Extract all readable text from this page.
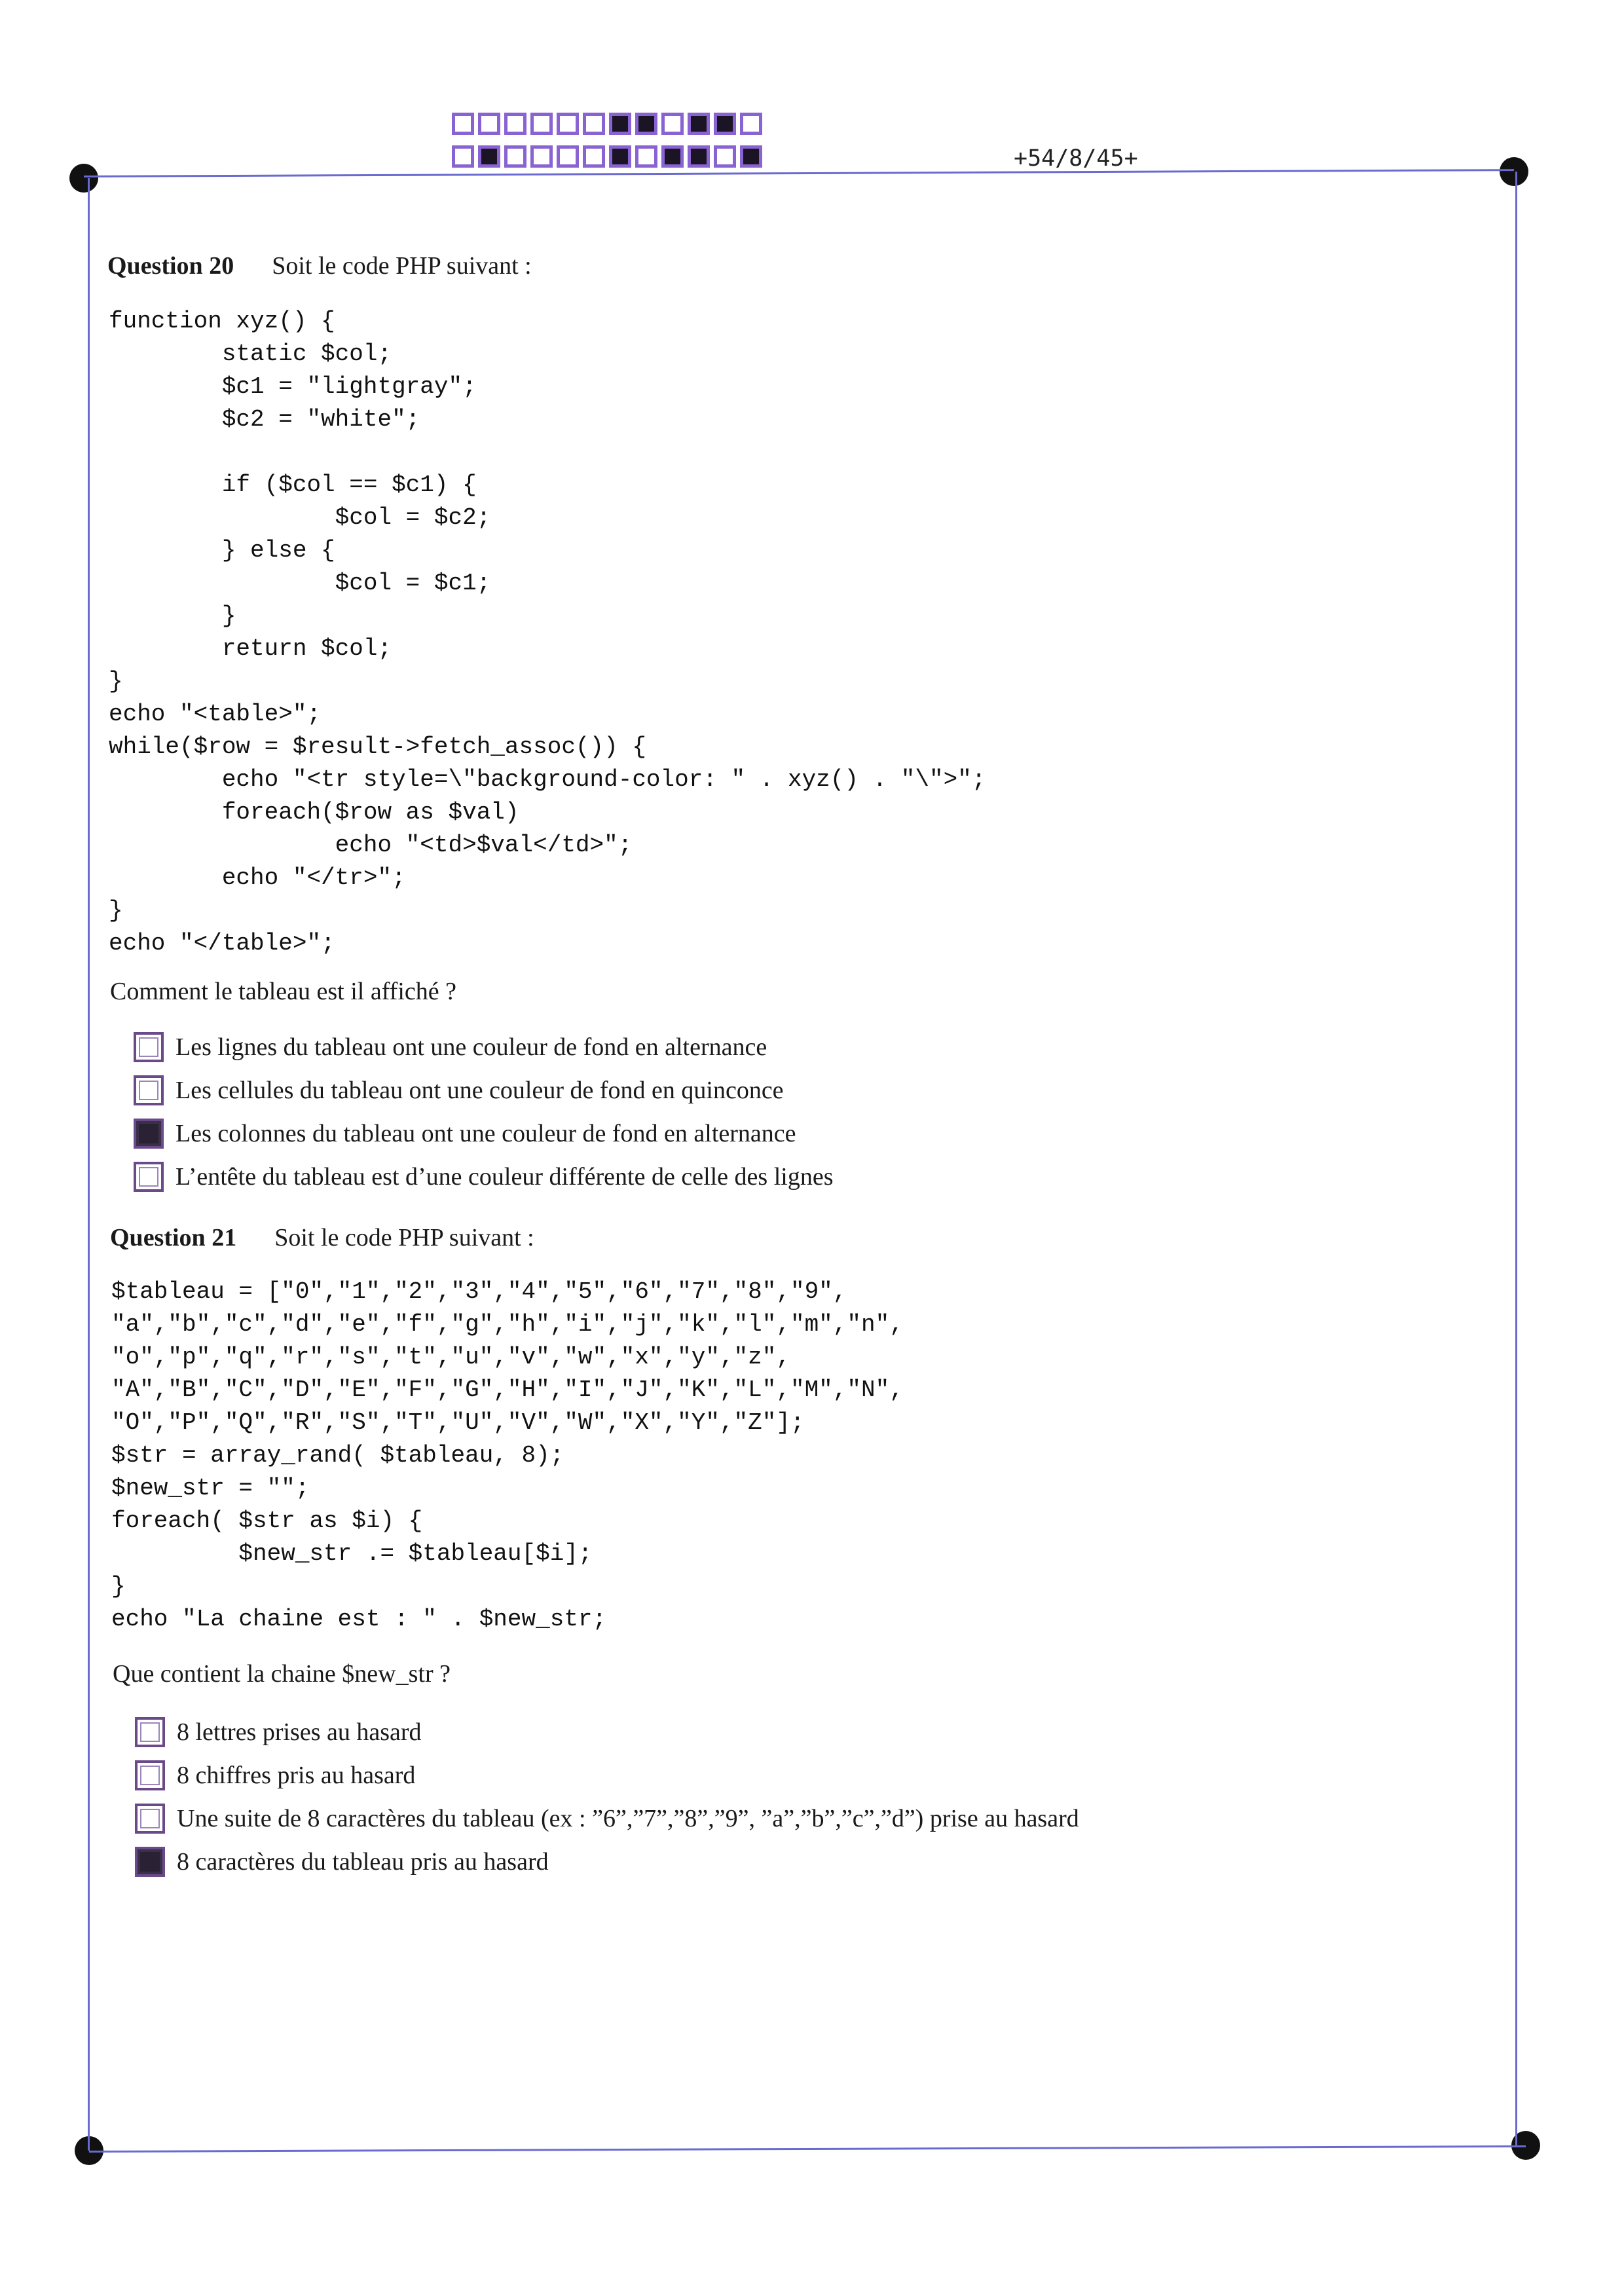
+54/8/45+
Question 20 Soit le code PHP suivant :
function xyz() {
static $col;
$c1 = "lightgray";
$c2 = "white";

if ($col == $c1) {
$col = $c2;
} else {
$col = $c1;
}
return $col;
}
echo "<table>";
while($row = $result->fetch_assoc()) {
echo "<tr style=\"background-color: " . xyz() . "\">";
foreach($row as $val)
echo "<td>$val</td>";
echo "</tr>";
}
echo "</table>";
Comment le tableau est il affiché ?
Les lignes du tableau ont une couleur de fond en alternance
Les cellules du tableau ont une couleur de fond en quinconce
Les colonnes du tableau ont une couleur de fond en alternance
L’entête du tableau est d’une couleur différente de celle des lignes
Question 21 Soit le code PHP suivant :
$tableau = ["0","1","2","3","4","5","6","7","8","9",
"a","b","c","d","e","f","g","h","i","j","k","l","m","n",
"o","p","q","r","s","t","u","v","w","x","y","z",
"A","B","C","D","E","F","G","H","I","J","K","L","M","N",
"O","P","Q","R","S","T","U","V","W","X","Y","Z"];
$str = array_rand( $tableau, 8);
$new_str = "";
foreach( $str as $i) {
$new_str .= $tableau[$i];
}
echo "La chaine est : " . $new_str;
Que contient la chaine $new_str ?
8 lettres prises au hasard
8 chiffres pris au hasard
Une suite de 8 caractères du tableau (ex : ”6”,”7”,”8”,”9”, ”a”,”b”,”c”,”d”) prise au hasard
8 caractères du tableau pris au hasard
